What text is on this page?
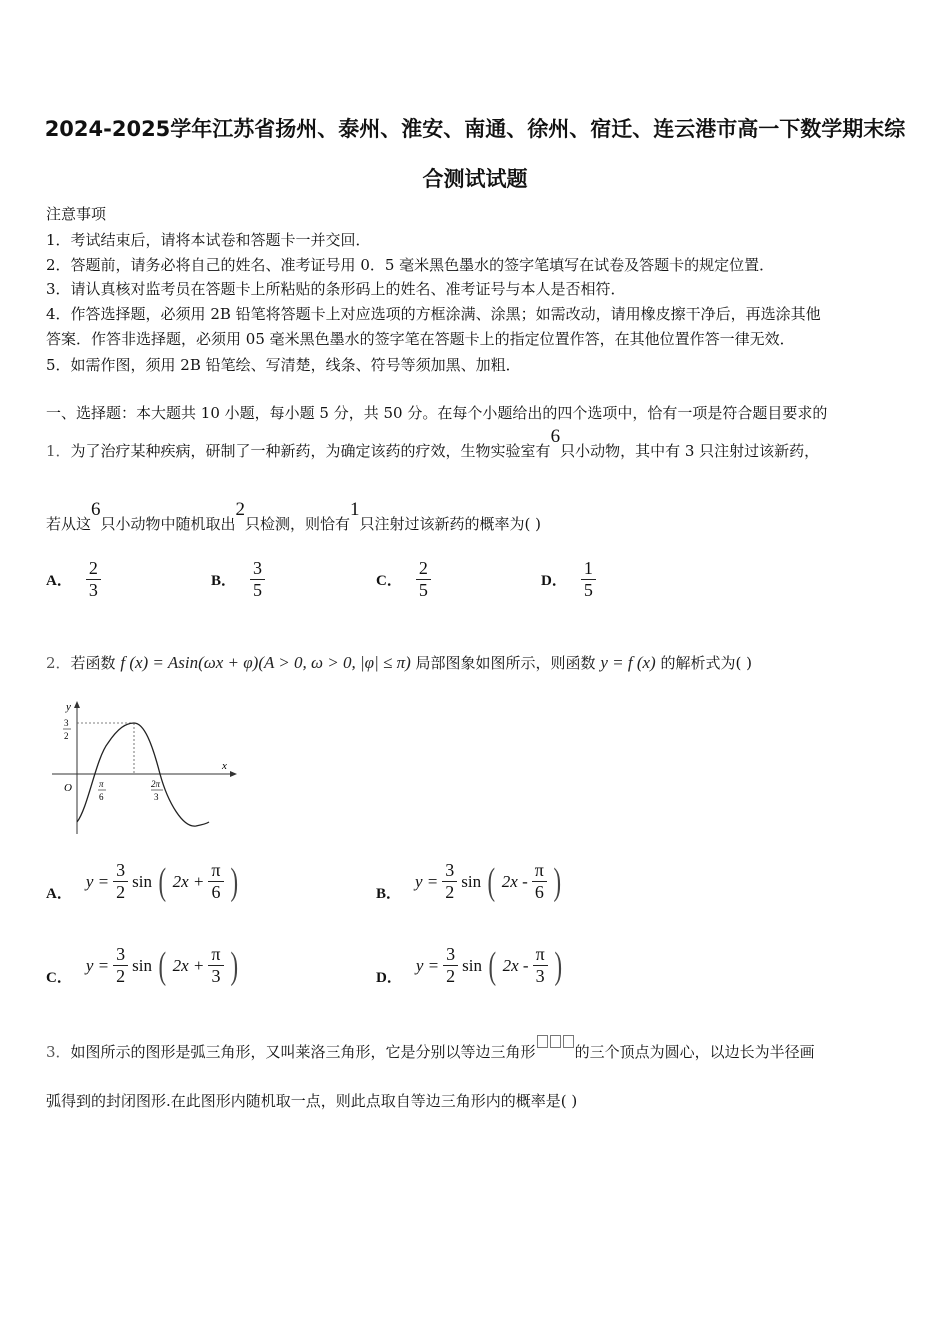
2024-2025学年江苏省扬州、泰州、淮安、南通、徐州、宿迁、连云港市高一下数学期末综
合测试试题
注意事项
1．考试结束后，请将本试卷和答题卡一并交回．
2．答题前，请务必将自己的姓名、准考证号用 0．5 毫米黑色墨水的签字笔填写在试卷及答题卡的规定位置．
3．请认真核对监考员在答题卡上所粘贴的条形码上的姓名、准考证号与本人是否相符．
4．作答选择题，必须用 2B 铅笔将答题卡上对应选项的方框涂满、涂黑；如需改动，请用橡皮擦干净后，再选涂其他
答案．作答非选择题，必须用 05 毫米黑色墨水的签字笔在答题卡上的指定位置作答，在其他位置作答一律无效．
5．如需作图，须用 2B 铅笔绘、写清楚，线条、符号等须加黑、加粗．
一、选择题：本大题共 10 小题，每小题 5 分，共 50 分。在每个小题给出的四个选项中，恰有一项是符合题目要求的
1．为了治疗某种疾病，研制了一种新药，为确定该药的疗效，生物实验室有6只小动物，其中有 3 只注射过该新药，
若从这6只小动物中随机取出2只检测，则恰有1只注射过该新药的概率为( )
A． $\frac{2}{3}$	B． $\frac{3}{5}$	C． $\frac{2}{5}$	D． $\frac{1}{5}$
2．若函数 f (x) = Asin(ωx + φ)(A > 0, ω > 0, |φ| ≤ π) 局部图象如图所示，则函数 y = f (x) 的解析式为( )
y
x
O
3
2
π
6
2π
3
A．
$y = \frac{3}{2}$ sin ( $2x + \frac{\pi}{6}$ )	B．
$y = \frac{3}{2}$ sin ( $2x - \frac{\pi}{6}$ )
C．
$y = \frac{3}{2}$ sin ( $2x + \frac{\pi}{3}$ )	D．
$y = \frac{3}{2}$ sin ( $2x - \frac{\pi}{3}$ )
3．如图所示的图形是弧三角形，又叫莱洛三角形，它是分别以等边三角形	的三个顶点为圆心，以边长为半径画
弧得到的封闭图形.在此图形内随机取一点，则此点取自等边三角形内的概率是( )
